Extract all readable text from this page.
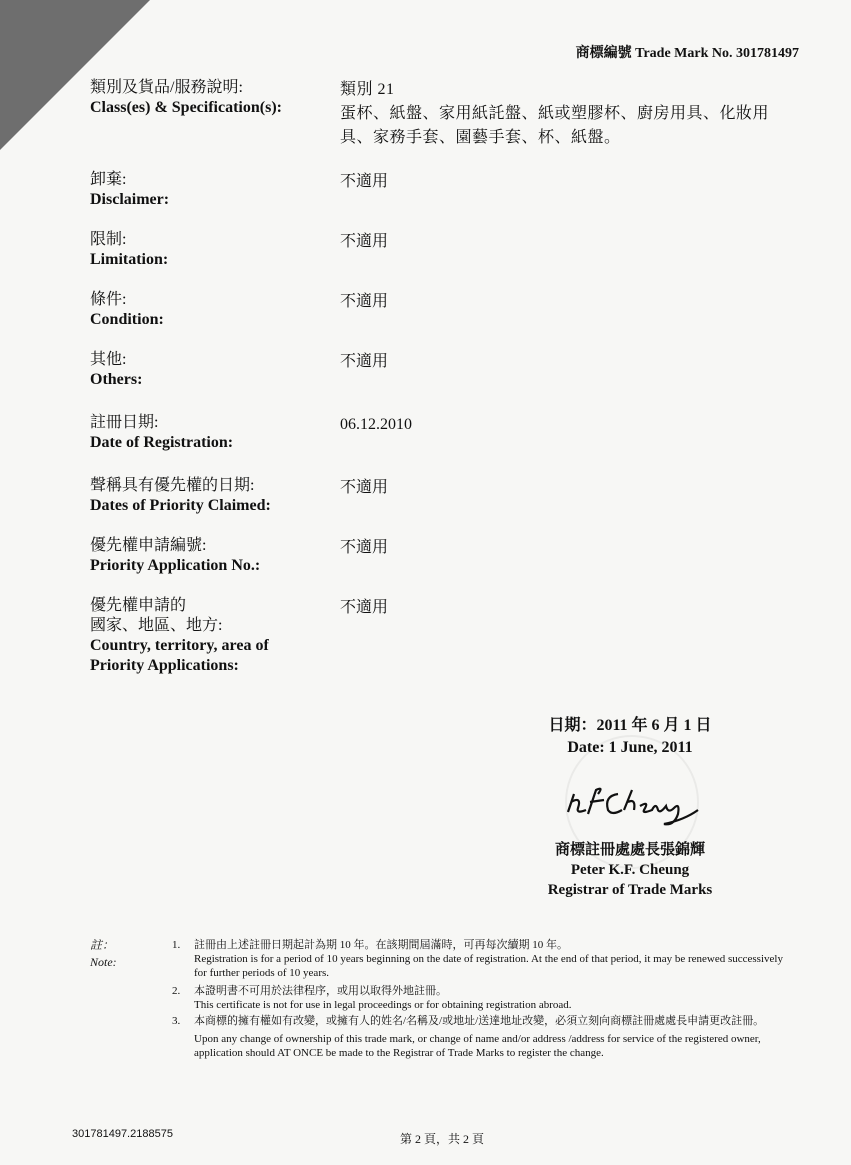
商標編號 Trade Mark No. 301781497
類別及貨品/服務說明:
Class(es) & Specification(s):
類別 21
蛋杯、紙盤、家用紙託盤、紙或塑膠杯、廚房用具、化妝用具、家務手套、園藝手套、杯、紙盤。
卸棄:
Disclaimer:
不適用
限制:
Limitation:
不適用
條件:
Condition:
不適用
其他:
Others:
不適用
註冊日期:
Date of Registration:
06.12.2010
聲稱具有優先權的日期:
Dates of Priority Claimed:
不適用
優先權申請編號:
Priority Application No.:
不適用
優先權申請的
國家、地區、地方:
Country, territory, area of
Priority Applications:
不適用
日期：2011 年 6 月 1 日
Date: 1 June, 2011
商標註冊處處長張錦輝
Peter K.F. Cheung
Registrar of Trade Marks
註：
Note:
1.	註冊由上述註冊日期起計為期 10 年。在該期間屆滿時，可再每次續期 10 年。
Registration is for a period of 10 years beginning on the date of registration. At the end of that period, it may be renewed successively for further periods of 10 years.
2.	本證明書不可用於法律程序，或用以取得外地註冊。
This certificate is not for use in legal proceedings or for obtaining registration abroad.
3.	本商標的擁有權如有改變，或擁有人的姓名/名稱及/或地址/送達地址改變，必須立刻向商標註冊處處長申請更改註冊。
Upon any change of ownership of this trade mark, or change of name and/or address /address for service of the registered owner, application should AT ONCE be made to the Registrar of Trade Marks to register the change.
301781497.2188575	第 2 頁，共 2 頁
